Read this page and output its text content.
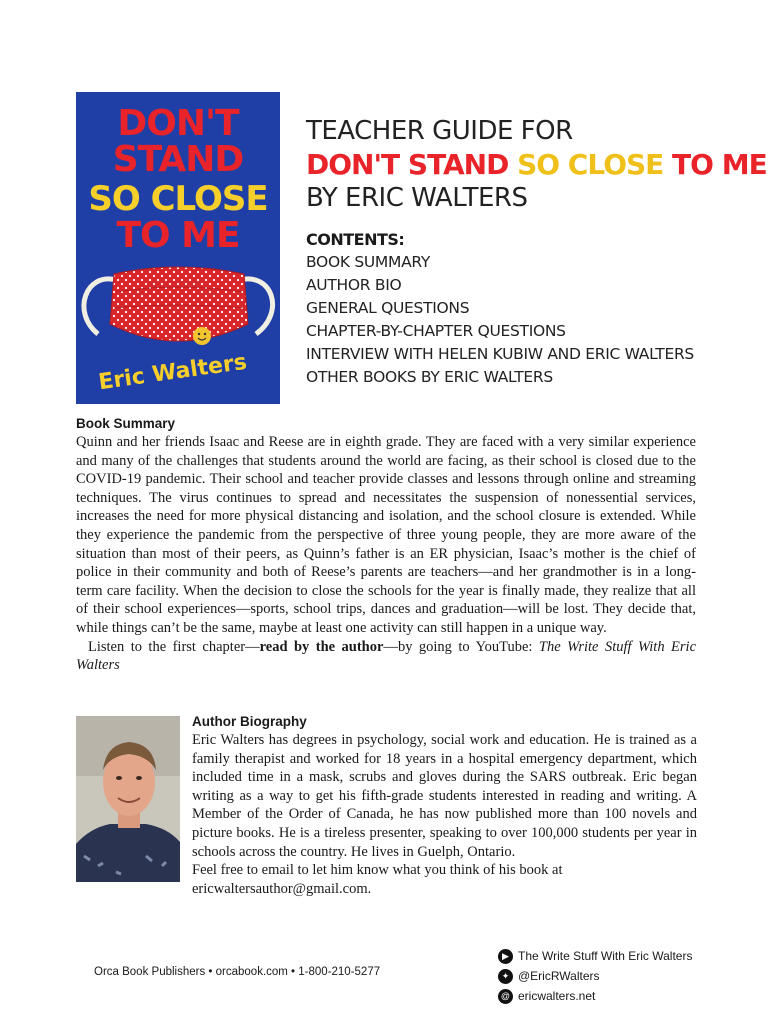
DON'T
STAND
SO CLOSE
TO ME
Eric Walters
TEACHER GUIDE FOR
DON'T STAND SO CLOSE TO ME
BY ERIC WALTERS
CONTENTS:
BOOK SUMMARY
AUTHOR BIO
GENERAL QUESTIONS
CHAPTER-BY-CHAPTER QUESTIONS
INTERVIEW WITH HELEN KUBIW AND ERIC WALTERS
OTHER BOOKS BY ERIC WALTERS
Book Summary

Quinn and her friends Isaac and Reese are in eighth grade. They are faced with a very similar experience and many of the challenges that students around the world are facing, as their school is closed due to the COVID-19 pandemic. Their school and teacher provide classes and lessons through online and streaming techniques. The virus continues to spread and necessitates the suspension of nonessential services, increases the need for more physical distancing and isolation, and the school closure is extended. While they experience the pandemic from the perspective of three young people, they are more aware of the situation than most of their peers, as Quinn’s father is an ER physician, Isaac’s mother is the chief of police in their community and both of Reese’s parents are teachers—and her grandmother is in a long-term care facility. When the decision to close the schools for the year is finally made, they realize that all of their school experiences—sports, school trips, dances and graduation—will be lost. They decide that, while things can’t be the same, maybe at least one activity can still happen in a unique way.

Listen to the first chapter—read by the author—by going to YouTube: The Write Stuff With Eric Walters

Author Biography

Eric Walters has degrees in psychology, social work and education. He is trained as a family therapist and worked for 18 years in a hospital emergency department, which included time in a mask, scrubs and gloves during the SARS outbreak. Eric began writing as a way to get his fifth-grade students interested in reading and writing. A Member of the Order of Canada, he has now published more than 100 novels and picture books. He is a tireless presenter, speaking to over 100,000 students per year in schools across the country. He lives in Guelph, Ontario.

Feel free to email to let him know what you think of his book at ericwaltersauthor@gmail.com.

Orca Book Publishers • orcabook.com • 1-800-210-5277
▶ The Write Stuff With Eric Walters
✦ @EricRWalters
@ ericwalters.net
